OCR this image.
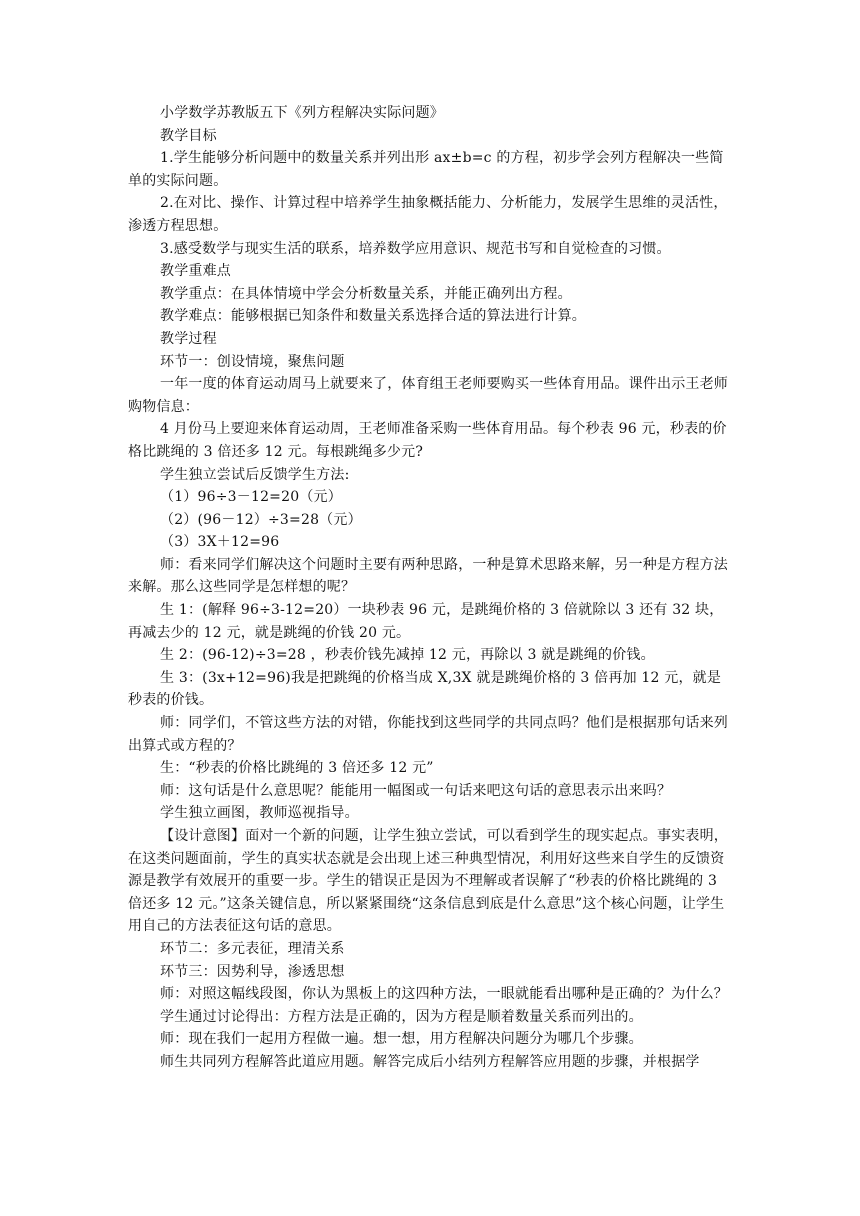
小学数学苏教版五下《列方程解决实际问题》

教学目标

1.学生能够分析问题中的数量关系并列出形 ax±b=c 的方程，初步学会列方程解决一些简单的实际问题。

2.在对比、操作、计算过程中培养学生抽象概括能力、分析能力，发展学生思维的灵活性，渗透方程思想。

3.感受数学与现实生活的联系，培养数学应用意识、规范书写和自觉检查的习惯。

教学重难点

教学重点：在具体情境中学会分析数量关系，并能正确列出方程。

教学难点：能够根据已知条件和数量关系选择合适的算法进行计算。

教学过程

环节一：创设情境，聚焦问题

一年一度的体育运动周马上就要来了，体育组王老师要购买一些体育用品。课件出示王老师购物信息：

4 月份马上要迎来体育运动周，王老师准备采购一些体育用品。每个秒表 96 元，秒表的价格比跳绳的 3 倍还多 12 元。每根跳绳多少元?

学生独立尝试后反馈学生方法:

（1）96÷3－12=20（元）

（2）(96－12）÷3=28（元）

（3）3X＋12=96

师：看来同学们解决这个问题时主要有两种思路，一种是算术思路来解，另一种是方程方法来解。那么这些同学是怎样想的呢？

生 1：(解释 96÷3-12=20）一块秒表 96 元，是跳绳价格的 3 倍就除以 3 还有 32 块，再减去少的 12 元，就是跳绳的价钱 20 元。

生 2：(96-12)÷3=28 ，秒表价钱先减掉 12 元，再除以 3 就是跳绳的价钱。

生 3：(3x+12=96)我是把跳绳的价格当成 X,3X 就是跳绳价格的 3 倍再加 12 元，就是秒表的价钱。

师：同学们，不管这些方法的对错，你能找到这些同学的共同点吗？他们是根据那句话来列出算式或方程的？

生：“秒表的价格比跳绳的 3 倍还多 12 元”

师：这句话是什么意思呢？能能用一幅图或一句话来吧这句话的意思表示出来吗？

学生独立画图，教师巡视指导。

【设计意图】面对一个新的问题，让学生独立尝试，可以看到学生的现实起点。事实表明，在这类问题面前，学生的真实状态就是会出现上述三种典型情况，利用好这些来自学生的反馈资源是教学有效展开的重要一步。学生的错误正是因为不理解或者误解了“秒表的价格比跳绳的 3 倍还多 12 元。”这条关键信息，所以紧紧围绕“这条信息到底是什么意思”这个核心问题，让学生用自己的方法表征这句话的意思。

环节二：多元表征，理清关系

环节三：因势利导，渗透思想

师：对照这幅线段图，你认为黑板上的这四种方法，一眼就能看出哪种是正确的？为什么？

学生通过讨论得出：方程方法是正确的，因为方程是顺着数量关系而列出的。

师：现在我们一起用方程做一遍。想一想，用方程解决问题分为哪几个步骤。

师生共同列方程解答此道应用题。解答完成后小结列方程解答应用题的步骤，并根据学
